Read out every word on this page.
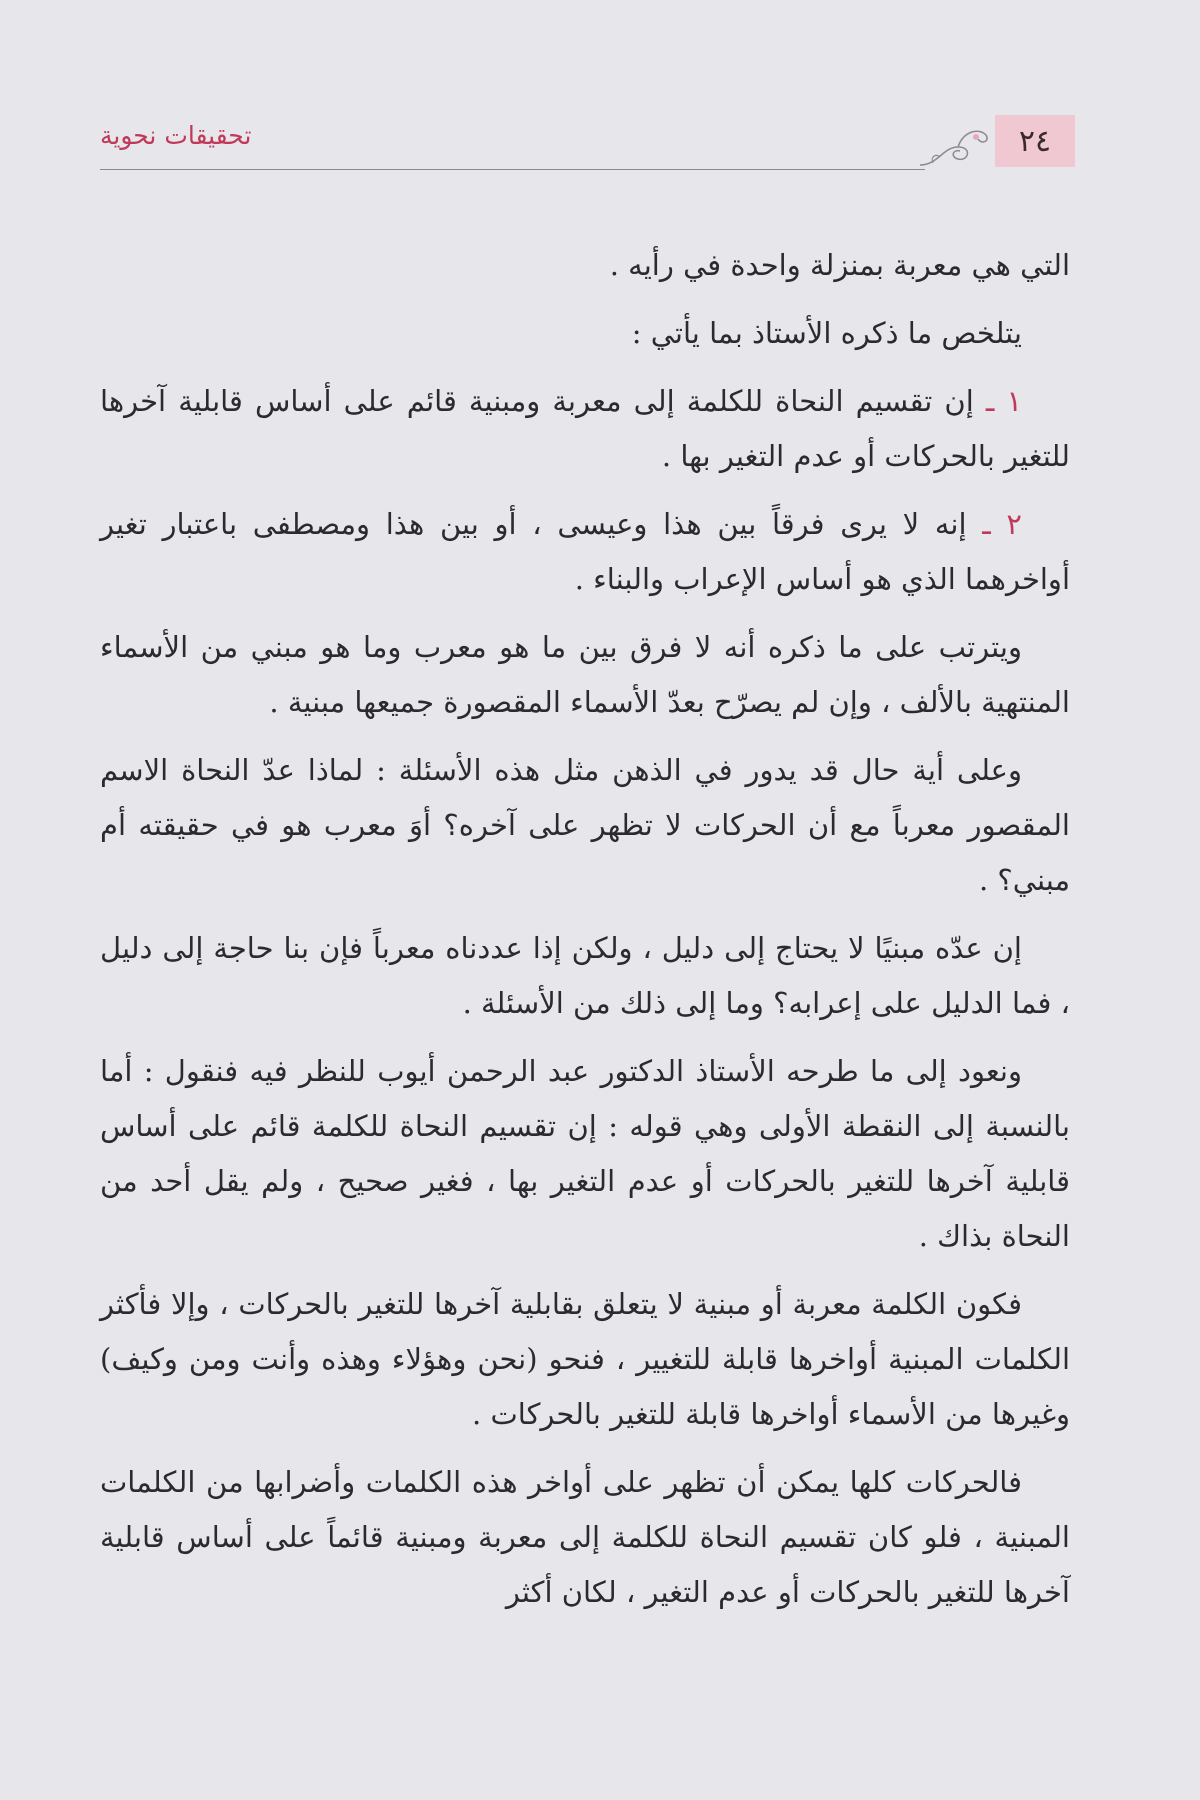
٢٤
تحقيقات نحوية

التي هي معربة بمنزلة واحدة في رأيه .

يتلخص ما ذكره الأستاذ بما يأتي :

١ ـ إن تقسيم النحاة للكلمة إلى معربة ومبنية قائم على أساس قابلية آخرها للتغير بالحركات أو عدم التغير بها .

٢ ـ إنه لا يرى فرقاً بين هذا وعيسى ، أو بين هذا ومصطفى باعتبار تغير أواخرهما الذي هو أساس الإعراب والبناء .

ويترتب على ما ذكره أنه لا فرق بين ما هو معرب وما هو مبني من الأسماء المنتهية بالألف ، وإن لم يصرّح بعدّ الأسماء المقصورة جميعها مبنية .

وعلى أية حال قد يدور في الذهن مثل هذه الأسئلة : لماذا عدّ النحاة الاسم المقصور معرباً مع أن الحركات لا تظهر على آخره؟ أوَ معرب هو في حقيقته أم مبني؟ .

إن عدّه مبنيًا لا يحتاج إلى دليل ، ولكن إذا عددناه معرباً فإن بنا حاجة إلى دليل ، فما الدليل على إعرابه؟ وما إلى ذلك من الأسئلة .

ونعود إلى ما طرحه الأستاذ الدكتور عبد الرحمن أيوب للنظر فيه فنقول : أما بالنسبة إلى النقطة الأولى وهي قوله : إن تقسيم النحاة للكلمة قائم على أساس قابلية آخرها للتغير بالحركات أو عدم التغير بها ، فغير صحيح ، ولم يقل أحد من النحاة بذاك .

فكون الكلمة معربة أو مبنية لا يتعلق بقابلية آخرها للتغير بالحركات ، وإلا فأكثر الكلمات المبنية أواخرها قابلة للتغيير ، فنحو (نحن وهؤلاء وهذه وأنت ومن وكيف) وغيرها من الأسماء أواخرها قابلة للتغير بالحركات .

فالحركات كلها يمكن أن تظهر على أواخر هذه الكلمات وأضرابها من الكلمات المبنية ، فلو كان تقسيم النحاة للكلمة إلى معربة ومبنية قائماً على أساس قابلية آخرها للتغير بالحركات أو عدم التغير ، لكان أكثر
